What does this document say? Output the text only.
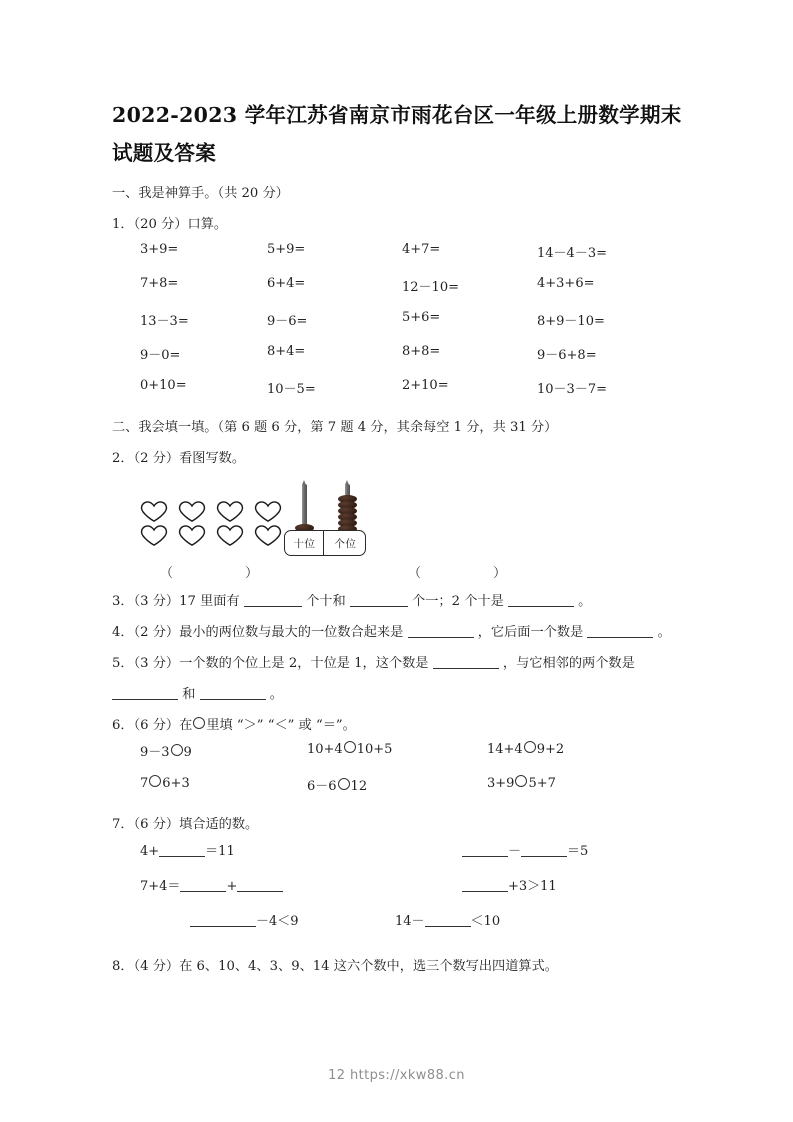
2022-2023 学年江苏省南京市雨花台区一年级上册数学期末试题及答案
一、我是神算手。（共 20 分）
1．（20 分）口算。
3+9=	5+9=	4+7=	14－4－3=
7+8=	6+4=	12－10=	4+3+6=
13－3=	9－6=	5+6=	8+9－10=
9－0=	8+4=	8+8=	9－6+8=
0+10=	10－5=	2+10=	10－3－7=
二、我会填一填。（第 6 题 6 分，第 7 题 4 分，其余每空 1 分，共 31 分）
2．（2 分）看图写数。

（ ）
十位	个位
（ ）
3．（3 分）17 里面有	个十和	个一；2 个十是	。
4．（2 分）最小的两位数与最大的一位数合起来是	，它后面一个数是	。
5．（3 分）一个数的个位上是 2，十位是 1，这个数是	，与它相邻的两个数是  和	。
6．（6 分）在 里填 “＞” “＜” 或 “＝”。
9－3 9	10+4 10+5	14+4 9+2
7 6+3	6－6 12	3+9 5+7
7．（6 分）填合适的数。
4+	＝11	－	＝5
7+4＝	+	+3＞11
－4＜9	14－	＜10
8．（4 分）在 6、10、4、3、9、14 这六个数中，选三个数写出四道算式。
12 https://xkw88.cn
